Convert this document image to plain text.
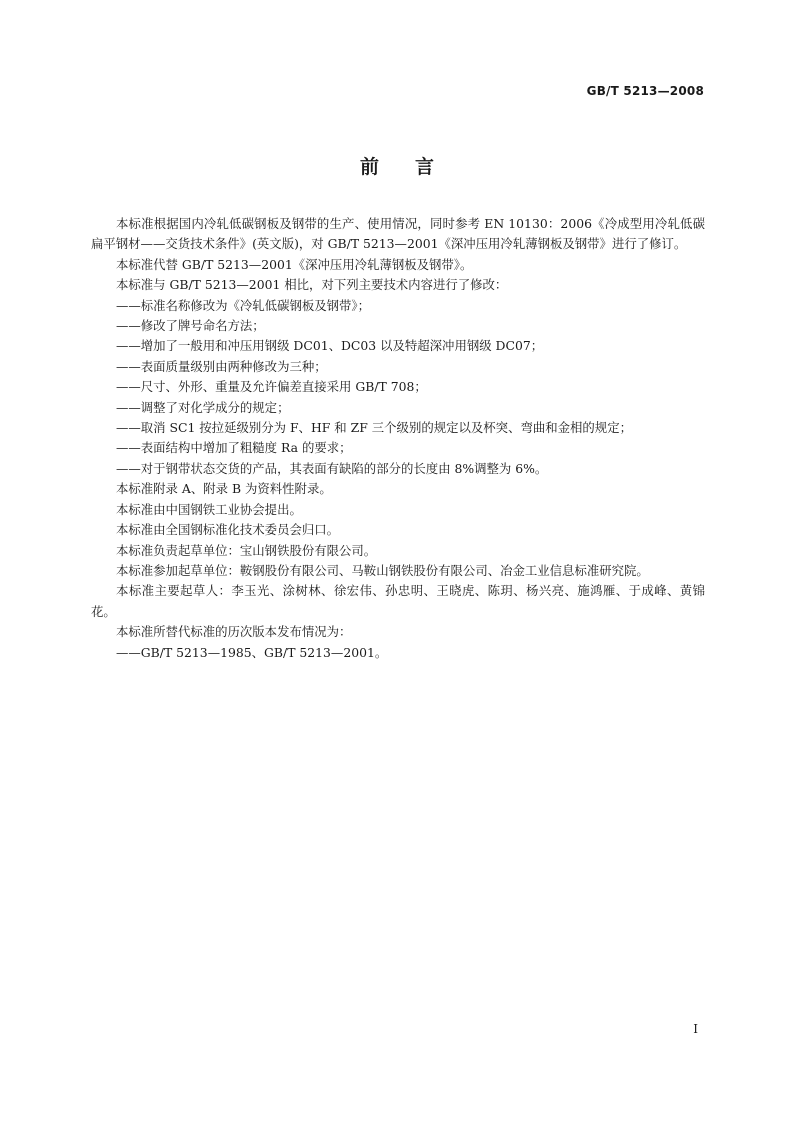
GB/T 5213—2008
前言

本标准根据国内冷轧低碳钢板及钢带的生产、使用情况，同时参考 EN 10130：2006《冷成型用冷轧低碳扁平钢材——交货技术条件》(英文版)，对 GB/T 5213—2001《深冲压用冷轧薄钢板及钢带》进行了修订。

本标准代替 GB/T 5213—2001《深冲压用冷轧薄钢板及钢带》。

本标准与 GB/T 5213—2001 相比，对下列主要技术内容进行了修改：

——标准名称修改为《冷轧低碳钢板及钢带》；

——修改了牌号命名方法；

——增加了一般用和冲压用钢级 DC01、DC03 以及特超深冲用钢级 DC07；

——表面质量级别由两种修改为三种；

——尺寸、外形、重量及允许偏差直接采用 GB/T 708；

——调整了对化学成分的规定；

——取消 SC1 按拉延级别分为 F、HF 和 ZF 三个级别的规定以及杯突、弯曲和金相的规定；

——表面结构中增加了粗糙度 Ra 的要求；

——对于钢带状态交货的产品，其表面有缺陷的部分的长度由 8%调整为 6%。

本标准附录 A、附录 B 为资料性附录。

本标准由中国钢铁工业协会提出。

本标准由全国钢标准化技术委员会归口。

本标准负责起草单位：宝山钢铁股份有限公司。

本标准参加起草单位：鞍钢股份有限公司、马鞍山钢铁股份有限公司、冶金工业信息标准研究院。

本标准主要起草人：李玉光、涂树林、徐宏伟、孙忠明、王晓虎、陈玥、杨兴亮、施鸿雁、于成峰、黄锦花。

本标准所替代标准的历次版本发布情况为：

——GB/T 5213—1985、GB/T 5213—2001。

I
